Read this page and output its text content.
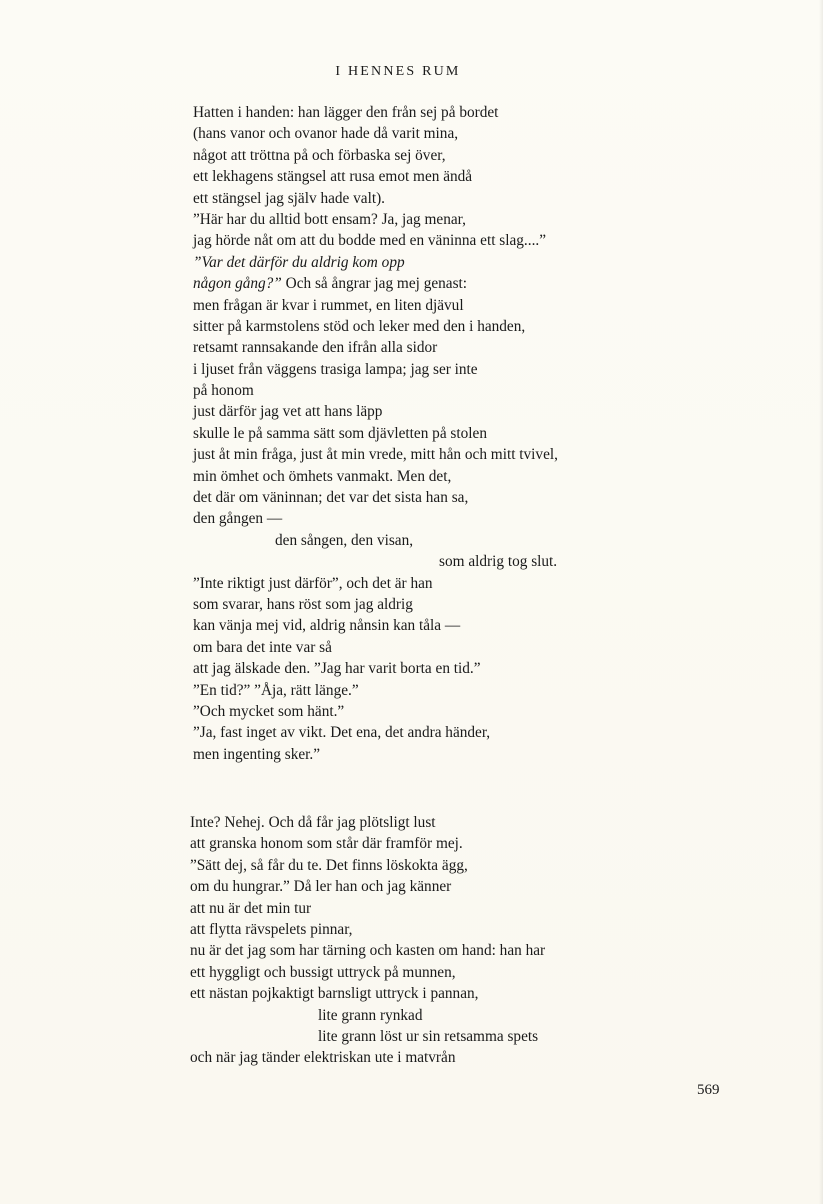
I HENNES RUM
Hatten i handen: han lägger den från sej på bordet
(hans vanor och ovanor hade då varit mina,
något att tröttna på och förbaska sej över,
ett lekhagens stängsel att rusa emot men ändå
ett stängsel jag själv hade valt).
”Här har du alltid bott ensam? Ja, jag menar,
jag hörde nåt om att du bodde med en väninna ett slag....”
”Var det därför du aldrig kom opp
någon gång?” Och så ångrar jag mej genast:
men frågan är kvar i rummet, en liten djävul
sitter på karmstolens stöd och leker med den i handen,
retsamt rannsakande den ifrån alla sidor
i ljuset från väggens trasiga lampa; jag ser inte
på honom
just därför jag vet att hans läpp
skulle le på samma sätt som djävletten på stolen
just åt min fråga, just åt min vrede, mitt hån och mitt tvivel,
min ömhet och ömhets vanmakt. Men det,
det där om väninnan; det var det sista han sa,
den gången —
den sången, den visan,
som aldrig tog slut.
”Inte riktigt just därför”, och det är han
som svarar, hans röst som jag aldrig
kan vänja mej vid, aldrig nånsin kan tåla —
om bara det inte var så
att jag älskade den. ”Jag har varit borta en tid.”
”En tid?” ”Åja, rätt länge.”
”Och mycket som hänt.”
”Ja, fast inget av vikt. Det ena, det andra händer,
men ingenting sker.”
Inte? Nehej. Och då får jag plötsligt lust
att granska honom som står där framför mej.
”Sätt dej, så får du te. Det finns löskokta ägg,
om du hungrar.” Då ler han och jag känner
att nu är det min tur
att flytta rävspelets pinnar,
nu är det jag som har tärning och kasten om hand: han har
ett hyggligt och bussigt uttryck på munnen,
ett nästan pojkaktigt barnsligt uttryck i pannan,
lite grann rynkad
lite grann löst ur sin retsamma spets
och när jag tänder elektriskan ute i matvrån
569
